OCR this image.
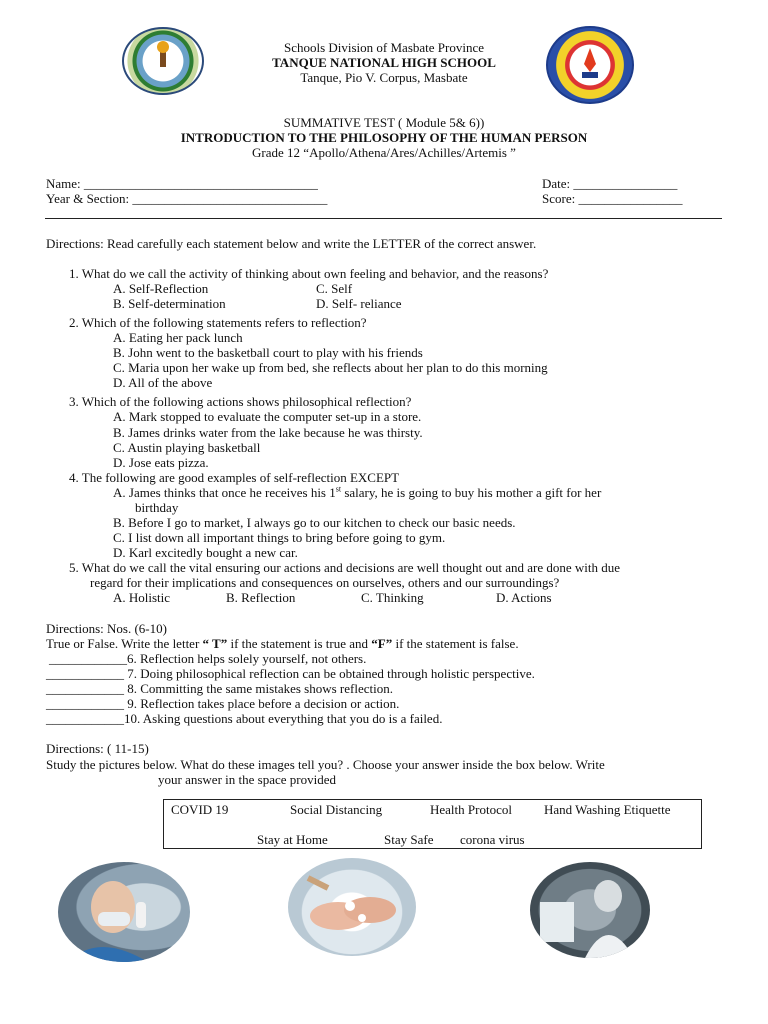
Schools Division of Masbate Province
TANQUE NATIONAL HIGH SCHOOL
Tanque, Pio V. Corpus, Masbate
SUMMATIVE TEST ( Module 5& 6))
INTRODUCTION TO THE PHILOSOPHY OF THE HUMAN PERSON
Grade 12 “Apollo/Athena/Ares/Achilles/Artemis ”
Name: ____________________________________
Year & Section: ______________________________
Date: ________________
Score: ________________
Directions: Read carefully each statement below and write the LETTER of the correct answer.
1. What do we call the activity of thinking about own feeling and behavior, and the reasons?
A. Self-Reflection	C. Self
B. Self-determination	D. Self- reliance
2. Which of the following statements refers to reflection?
A. Eating her pack lunch
B. John went to the basketball court to play with his friends
C. Maria upon her wake up from bed, she reflects about her plan to do this morning
D. All of the above
3. Which of the following actions shows philosophical reflection?
A. Mark stopped to evaluate the computer set-up in a store.
B. James drinks water from the lake because he was thirsty.
C. Austin playing basketball
D. Jose eats pizza.
4. The following are good examples of self-reflection EXCEPT
A. James thinks that once he receives his 1st salary, he is going to buy his mother a gift for her
birthday
B. Before I go to market, I always go to our kitchen to check our basic needs.
C. I list down all important things to bring before going to gym.
D. Karl excitedly bought a new car.
5. What do we call the vital ensuring our actions and decisions are well thought out and are done with due
regard for their implications and consequences on ourselves, others and our surroundings?
A. Holistic	B. Reflection	C. Thinking	D. Actions
Directions: Nos. (6-10)
True or False. Write the letter “ T” if the statement is true and “F” if the statement is false.
____________6. Reflection helps solely yourself, not others.
____________ 7. Doing philosophical reflection can be obtained through holistic perspective.
____________ 8. Committing the same mistakes shows reflection.
____________ 9. Reflection takes place before a decision or action.
____________10. Asking questions about everything that you do is a failed.
Directions: ( 11-15)
Study the pictures below. What do these images tell you? . Choose your answer inside the box below. Write
your answer in the space provided
COVID 19	Social Distancing	Health Protocol Hand Washing Etiquette
Stay at Home	Stay Safe corona virus
